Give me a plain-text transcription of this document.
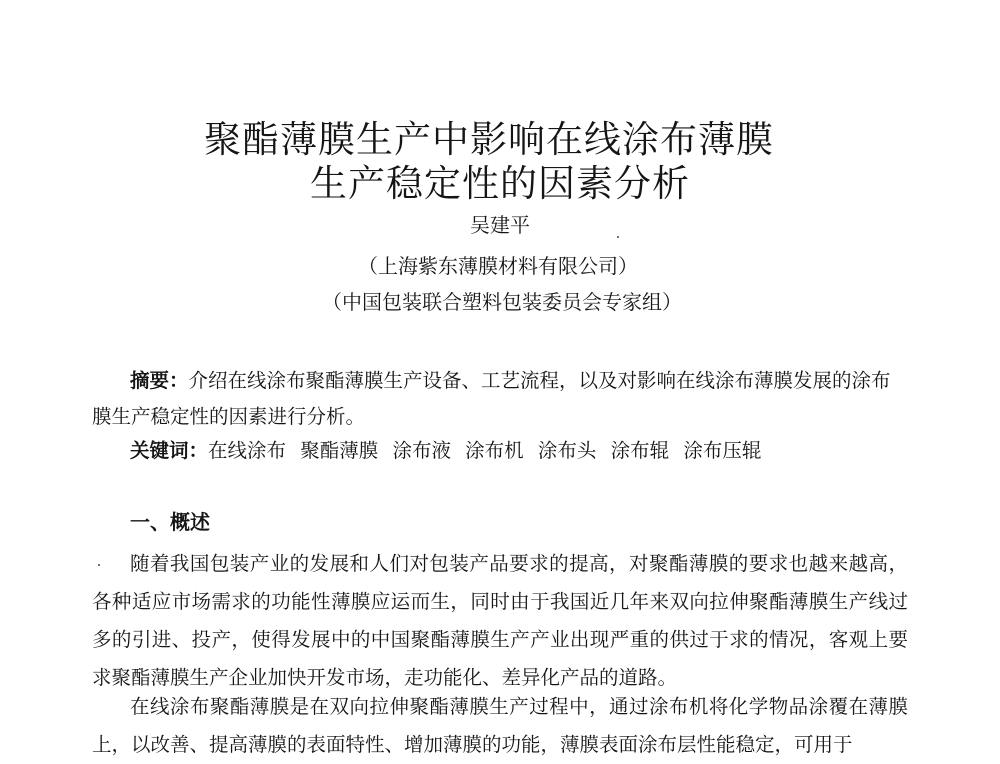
聚酯薄膜生产中影响在线涂布薄膜
生产稳定性的因素分析
吴建平
（上海紫东薄膜材料有限公司）
（中国包装联合塑料包装委员会专家组）
摘要：介绍在线涂布聚酯薄膜生产设备、工艺流程，以及对影响在线涂布薄膜发展的涂布膜生产稳定性的因素进行分析。
关键词：在线涂布 聚酯薄膜 涂布液 涂布机 涂布头 涂布辊 涂布压辊
一、概述
随着我国包装产业的发展和人们对包装产品要求的提高，对聚酯薄膜的要求也越来越高，各种适应市场需求的功能性薄膜应运而生，同时由于我国近几年来双向拉伸聚酯薄膜生产线过多的引进、投产，使得发展中的中国聚酯薄膜生产产业出现严重的供过于求的情况，客观上要求聚酯薄膜生产企业加快开发市场，走功能化、差异化产品的道路。
在线涂布聚酯薄膜是在双向拉伸聚酯薄膜生产过程中，通过涂布机将化学物品涂覆在薄膜上，以改善、提高薄膜的表面特性、增加薄膜的功能，薄膜表面涂布层性能稳定，可用于
